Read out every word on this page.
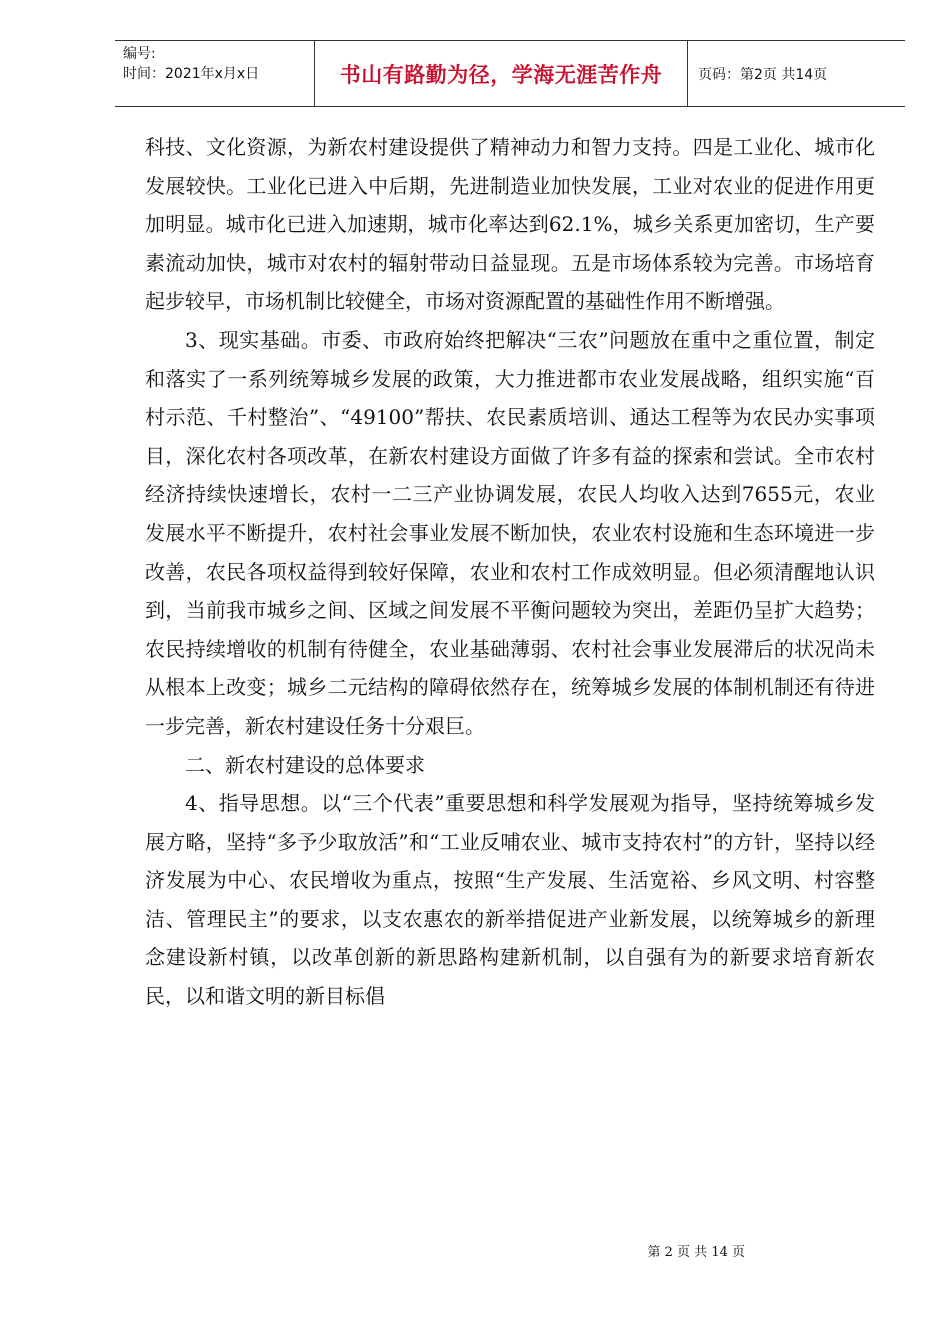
编号:
时间：2021年x月x日	书山有路勤为径，学海无涯苦作舟	页码：第2页 共14页

科技、文化资源，为新农村建设提供了精神动力和智力支持。四是工业化、城市化发展较快。工业化已进入中后期，先进制造业加快发展，工业对农业的促进作用更加明显。城市化已进入加速期，城市化率达到62.1%，城乡关系更加密切，生产要素流动加快，城市对农村的辐射带动日益显现。五是市场体系较为完善。市场培育起步较早，市场机制比较健全，市场对资源配置的基础性作用不断增强。

3、现实基础。市委、市政府始终把解决“三农”问题放在重中之重位置，制定和落实了一系列统筹城乡发展的政策，大力推进都市农业发展战略，组织实施“百村示范、千村整治”、“49100”帮扶、农民素质培训、通达工程等为农民办实事项目，深化农村各项改革，在新农村建设方面做了许多有益的探索和尝试。全市农村经济持续快速增长，农村一二三产业协调发展，农民人均收入达到7655元，农业发展水平不断提升，农村社会事业发展不断加快，农业农村设施和生态环境进一步改善，农民各项权益得到较好保障，农业和农村工作成效明显。但必须清醒地认识到，当前我市城乡之间、区域之间发展不平衡问题较为突出，差距仍呈扩大趋势；农民持续增收的机制有待健全，农业基础薄弱、农村社会事业发展滞后的状况尚未从根本上改变；城乡二元结构的障碍依然存在，统筹城乡发展的体制机制还有待进一步完善，新农村建设任务十分艰巨。

二、新农村建设的总体要求

4、指导思想。以“三个代表”重要思想和科学发展观为指导，坚持统筹城乡发展方略，坚持“多予少取放活”和“工业反哺农业、城市支持农村”的方针，坚持以经济发展为中心、农民增收为重点，按照“生产发展、生活宽裕、乡风文明、村容整洁、管理民主”的要求，以支农惠农的新举措促进产业新发展，以统筹城乡的新理念建设新村镇，以改革创新的新思路构建新机制，以自强有为的新要求培育新农民，以和谐文明的新目标倡

第 2 页 共 14 页
